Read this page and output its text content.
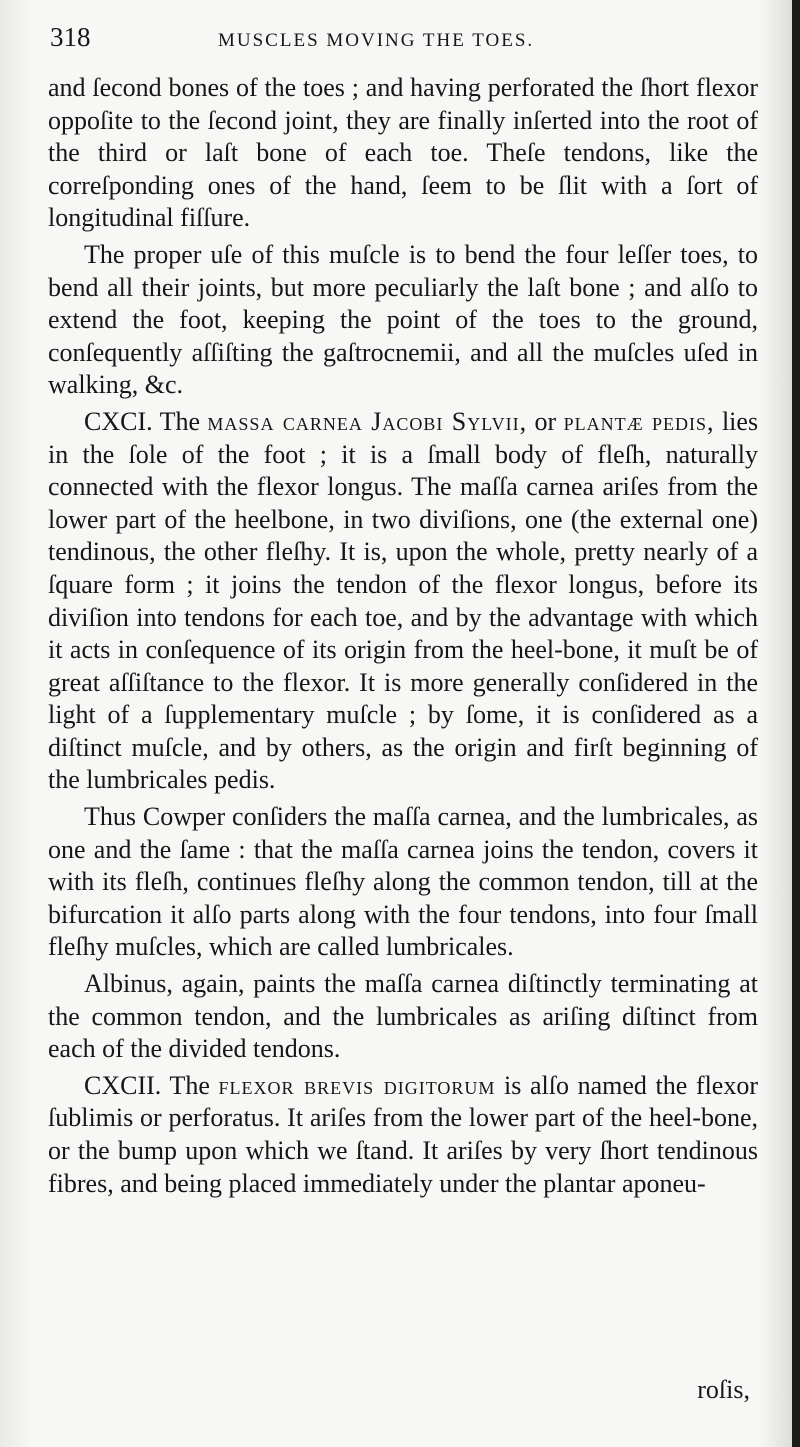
318	MUSCLES MOVING THE TOES.

and ſecond bones of the toes ; and having perforated the ſhort flexor oppoſite to the ſecond joint, they are finally inſerted into the root of the third or laſt bone of each toe. Theſe tendons, like the correſponding ones of the hand, ſeem to be ſlit with a ſort of longitudinal fiſſure.

The proper uſe of this muſcle is to bend the four leſſer toes, to bend all their joints, but more peculiarly the laſt bone ; and alſo to extend the foot, keeping the point of the toes to the ground, conſequently aſſiſting the gaſtrocnemii, and all the muſcles uſed in walking, &c.

CXCI. The massa carnea Jacobi Sylvii, or plantæ pedis, lies in the ſole of the foot ; it is a ſmall body of fleſh, naturally connected with the flexor longus. The maſſa carnea ariſes from the lower part of the heelbone, in two diviſions, one (the external one) tendinous, the other fleſhy. It is, upon the whole, pretty nearly of a ſquare form ; it joins the tendon of the flexor longus, before its diviſion into tendons for each toe, and by the advantage with which it acts in conſequence of its origin from the heel-bone, it muſt be of great aſſiſtance to the flexor. It is more generally conſidered in the light of a ſupplementary muſcle ; by ſome, it is conſidered as a diſtinct muſcle, and by others, as the origin and firſt beginning of the lumbricales pedis.

Thus Cowper conſiders the maſſa carnea, and the lumbricales, as one and the ſame : that the maſſa carnea joins the tendon, covers it with its fleſh, continues fleſhy along the common tendon, till at the bifurcation it alſo parts along with the four tendons, into four ſmall fleſhy muſcles, which are called lumbricales.

Albinus, again, paints the maſſa carnea diſtinctly terminating at the common tendon, and the lumbricales as ariſing diſtinct from each of the divided tendons.

CXCII. The flexor brevis digitorum is alſo named the flexor ſublimis or perforatus. It ariſes from the lower part of the heel-bone, or the bump upon which we ſtand. It ariſes by very ſhort tendinous fibres, and being placed immediately under the plantar aponeu-

roſis,
